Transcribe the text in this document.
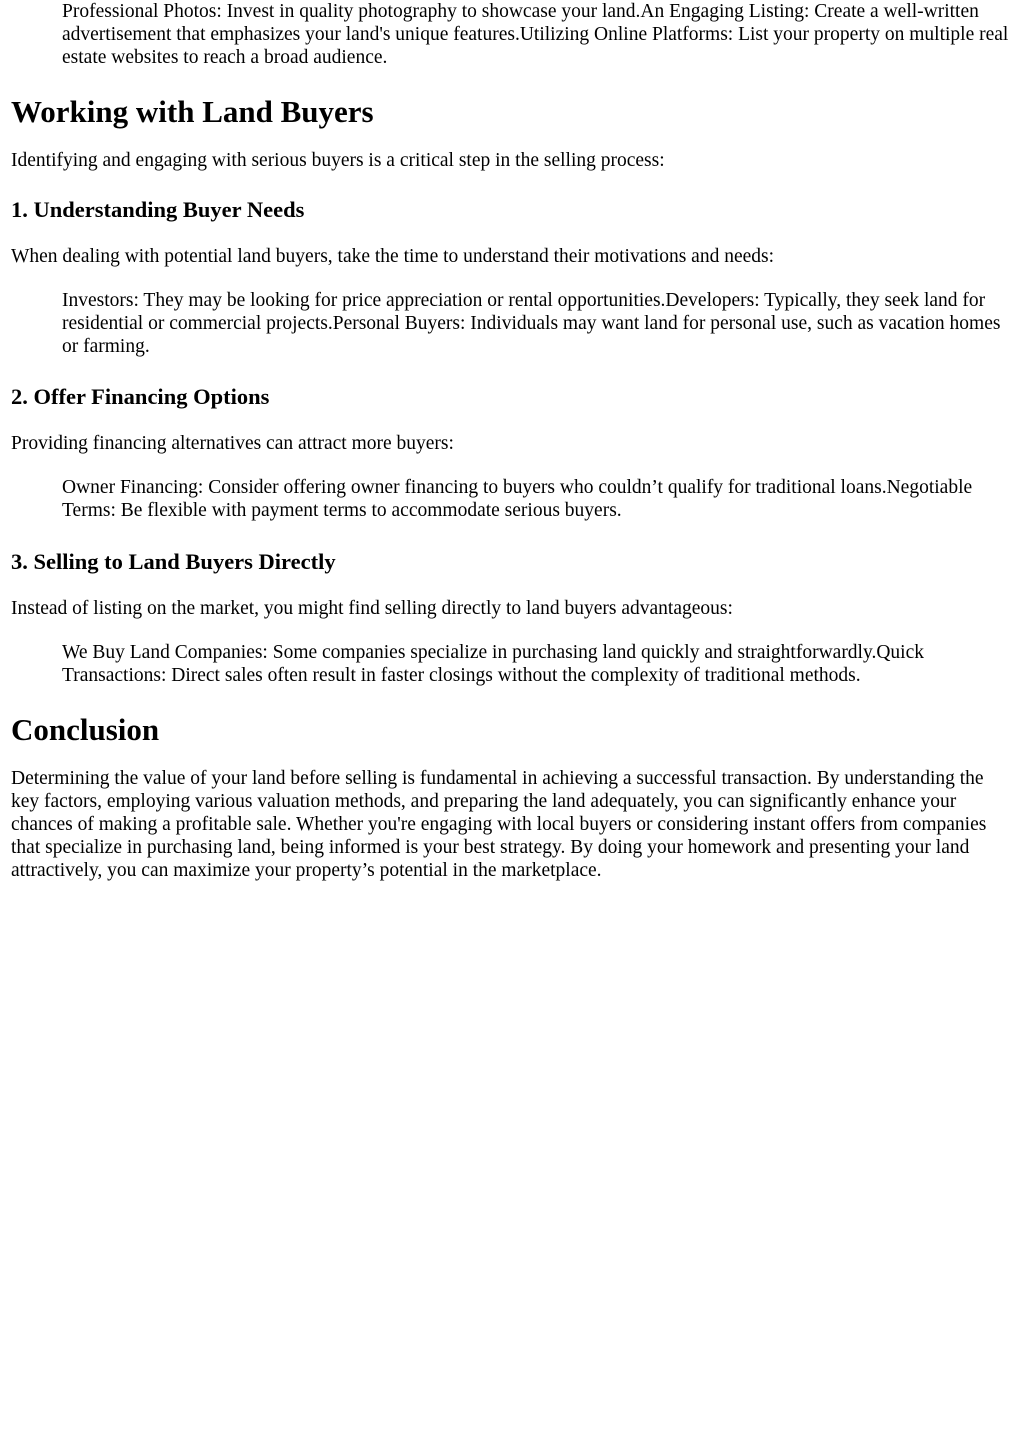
Professional Photos: Invest in quality photography to showcase your land.An Engaging Listing: Create a well-written advertisement that emphasizes your land's unique features.Utilizing Online Platforms: List your property on multiple real estate websites to reach a broad audience.
Working with Land Buyers

Identifying and engaging with serious buyers is a critical step in the selling process:

1. Understanding Buyer Needs

When dealing with potential land buyers, take the time to understand their motivations and needs:

Investors: They may be looking for price appreciation or rental opportunities.Developers: Typically, they seek land for residential or commercial projects.Personal Buyers: Individuals may want land for personal use, such as vacation homes or farming.
2. Offer Financing Options

Providing financing alternatives can attract more buyers:

Owner Financing: Consider offering owner financing to buyers who couldn’t qualify for traditional loans.Negotiable Terms: Be flexible with payment terms to accommodate serious buyers.
3. Selling to Land Buyers Directly

Instead of listing on the market, you might find selling directly to land buyers advantageous:

We Buy Land Companies: Some companies specialize in purchasing land quickly and straightforwardly.Quick Transactions: Direct sales often result in faster closings without the complexity of traditional methods.
Conclusion

Determining the value of your land before selling is fundamental in achieving a successful transaction. By understanding the key factors, employing various valuation methods, and preparing the land adequately, you can significantly enhance your chances of making a profitable sale. Whether you're engaging with local buyers or considering instant offers from companies that specialize in purchasing land, being informed is your best strategy. By doing your homework and presenting your land attractively, you can maximize your property’s potential in the marketplace.
